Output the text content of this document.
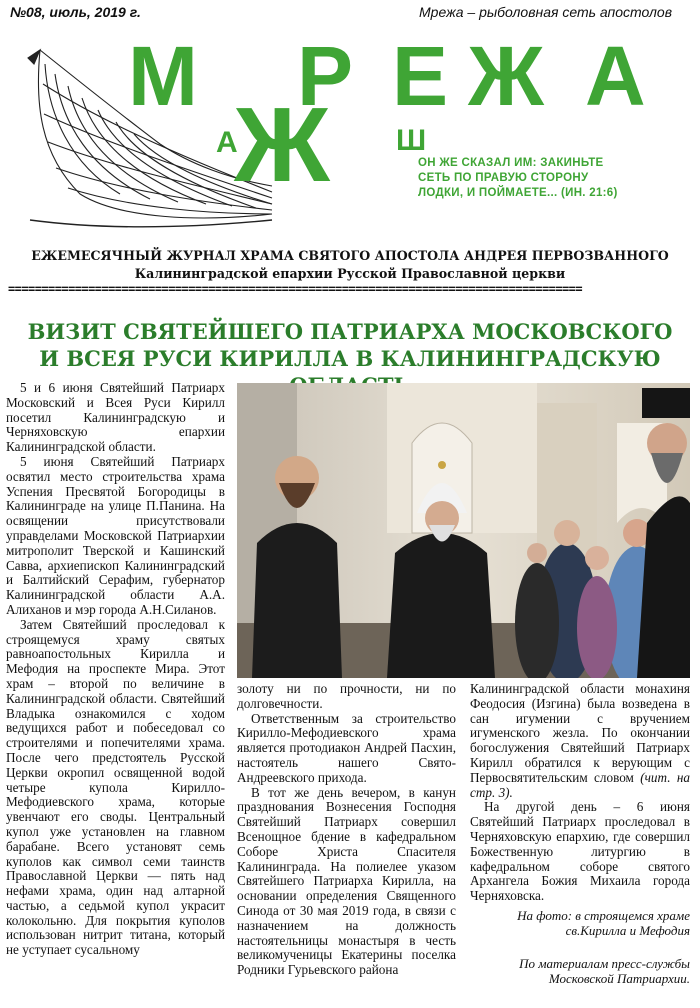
№08, июль, 2019 г.	Мрежа – рыболовная сеть апостолов
М
Ж
Р Е Ж А
А	Ш
ОН ЖЕ СКАЗАЛ ИМ: ЗАКИНЬТЕ
СЕТЬ ПО ПРАВУЮ СТОРОНУ
ЛОДКИ, И ПОЙМАЕТЕ... (ИН. 21:6)
ЕЖЕМЕСЯЧНЫЙ ЖУРНАЛ ХРАМА СВЯТОГО АПОСТОЛА АНДРЕЯ ПЕРВОЗВАННОГО
Калининградской епархии Русской Православной церкви
======================================================================================
ВИЗИТ СВЯТЕЙШЕГО ПАТРИАРХА МОСКОВСКОГО
И ВСЕЯ РУСИ КИРИЛЛА В КАЛИНИНГРАДСКУЮ

5 и 6 июня Святейший Патриарх Московский и Всея Руси Кирилл посетил Калининградскую и Черняховскую епархии Калининградской области.

5 июня Святейший Патриарх освятил место строительства храма Успения Пресвятой Богородицы в Калининграде на улице П.Панина. На освящении присутствовали управделами Московской Патриархии митрополит Тверской и Кашинский Савва, архиепископ Калининградский и Балтийский Серафим, губернатор Калининградской области А.А. Алиханов и мэр города А.Н.Силанов.

Затем Святейший проследовал к строящемуся храму святых равноапостольных Кирилла и Мефодия на проспекте Мира. Этот храм – второй по величине в Калининградской области. Святейший Владыка ознакомился с ходом ведущихся работ и побеседовал со строителями и попечителями храма. После чего предстоятель Русской Церкви окропил освященной водой четыре купола Кирилло-Мефодиевского храма, которые увенчают его своды. Центральный купол уже установлен на главном барабане. Всего установят семь куполов как символ семи таинств Православной Церкви — пять над нефами храма, один над алтарной частью, а седьмой купол украсит колокольню. Для покрытия куполов использован нитрит титана, который не уступает сусальному

золоту ни по прочности, ни по долговечности.

Ответственным за строительство Кирилло-Мефодиевского храма является протодиакон Андрей Пасхин, настоятель нашего Свято-Андреевского прихода.

В тот же день вечером, в канун празднования Вознесения Господня Святейший Патриарх совершил Всенощное бдение в кафедральном Соборе Христа Спасителя Калининграда. На полиелее указом Святейшего Патриарха Кирилла, на основании определения Священного Синода от 30 мая 2019 года, в связи с назначением на должность настоятельницы монастыря в честь великомученицы Екатерины поселка Родники Гурьевского района

Калининградской области монахиня Феодосия (Изгина) была возведена в сан игумении с вручением игуменского жезла. По окончании богослужения Святейший Патриарх Кирилл обратился к верующим с Первосвятительским словом (чит. на стр. 3).

На другой день – 6 июня Святейший Патриарх проследовал в Черняховскую епархию, где совершил Божественную литургию в кафедральном соборе святого Архангела Божия Михаила города Черняховска.

На фото: в строящемся храме
св.Кирилла и Мефодия
По материалам пресс-службы
Московской Патриархии.
